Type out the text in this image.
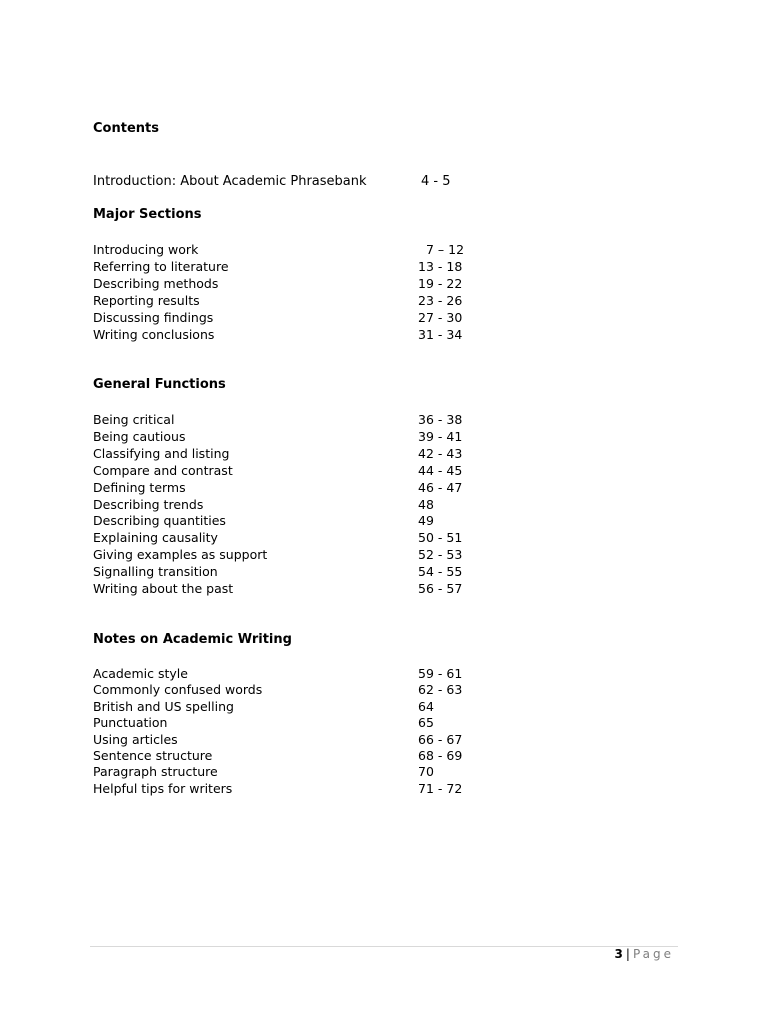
Contents
Introduction: About Academic Phrasebank	4 - 5
Major Sections
Introducing work	7 – 12
Referring to literature	13 - 18
Describing methods	19 - 22
Reporting results	23 - 26
Discussing findings	27 - 30
Writing conclusions	31 - 34
General Functions
Being critical	36 - 38
Being cautious	39 - 41
Classifying and listing	42 - 43
Compare and contrast	44 - 45
Defining terms	46 - 47
Describing trends	48
Describing quantities	49
Explaining causality	50 - 51
Giving examples as support	52 - 53
Signalling transition	54 - 55
Writing about the past	56 - 57
Notes on Academic Writing
Academic style	59 - 61
Commonly confused words	62 - 63
British and US spelling	64
Punctuation	65
Using articles	66 - 67
Sentence structure	68 - 69
Paragraph structure	70
Helpful tips for writers	71 - 72
3 | Page
